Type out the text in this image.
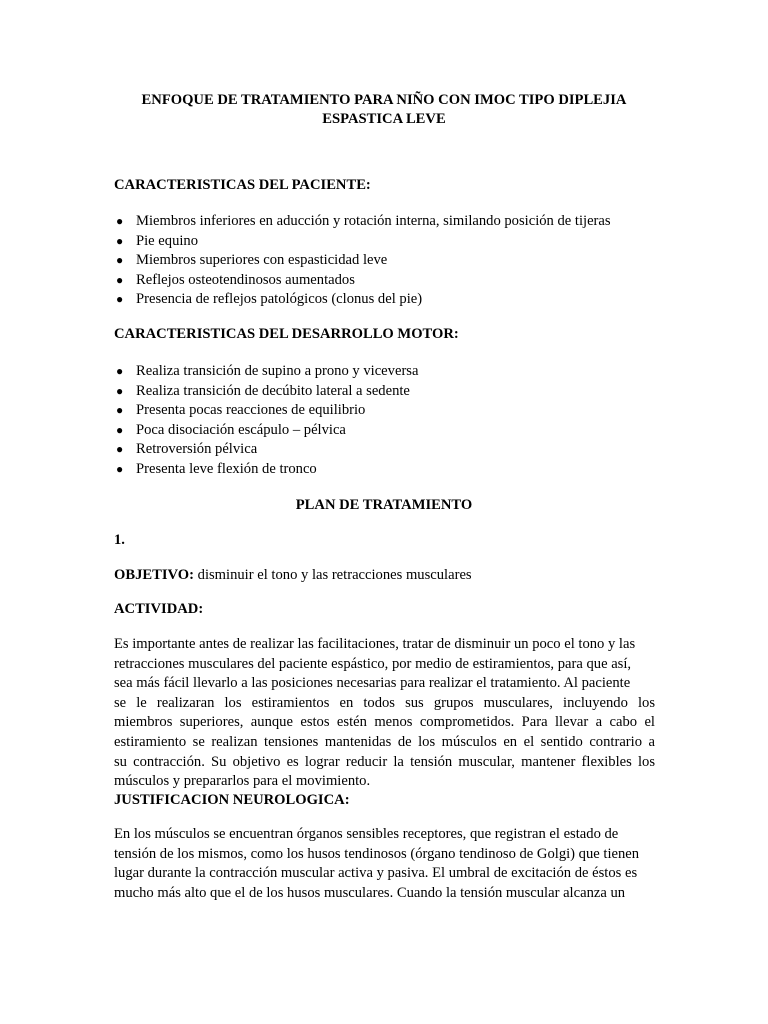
ENFOQUE DE TRATAMIENTO PARA NIÑO CON IMOC TIPO DIPLEJIA
ESPASTICA LEVE
CARACTERISTICAS DEL PACIENTE:
● Miembros inferiores en aducción y rotación interna, similando posición de tijeras
● Pie equino
● Miembros superiores con espasticidad leve
● Reflejos osteotendinosos aumentados
● Presencia de reflejos patológicos (clonus del pie)
CARACTERISTICAS DEL DESARROLLO MOTOR:
● Realiza transición de supino a prono y viceversa
● Realiza transición de decúbito lateral a sedente
● Presenta pocas reacciones de equilibrio
● Poca disociación escápulo – pélvica
● Retroversión pélvica
● Presenta leve flexión de tronco
PLAN DE TRATAMIENTO
1.
OBJETIVO: disminuir el tono y las retracciones musculares
ACTIVIDAD:
Es importante antes de realizar las facilitaciones, tratar de disminuir un poco el tono y las
retracciones musculares del paciente espástico, por medio de estiramientos, para que así,
sea más fácil llevarlo a las posiciones necesarias para realizar el tratamiento. Al paciente
se le realizaran los estiramientos en todos sus grupos musculares, incluyendo los
miembros superiores, aunque estos estén menos comprometidos. Para llevar a cabo el
estiramiento se realizan tensiones mantenidas de los músculos en el sentido contrario a
su contracción. Su objetivo es lograr reducir la tensión muscular, mantener flexibles los
músculos y prepararlos para el movimiento.
JUSTIFICACION NEUROLOGICA:
En los músculos se encuentran órganos sensibles receptores, que registran el estado de
tensión de los mismos, como los husos tendinosos (órgano tendinoso de Golgi) que tienen
lugar durante la contracción muscular activa y pasiva. El umbral de excitación de éstos es
mucho más alto que el de los husos musculares. Cuando la tensión muscular alcanza un
